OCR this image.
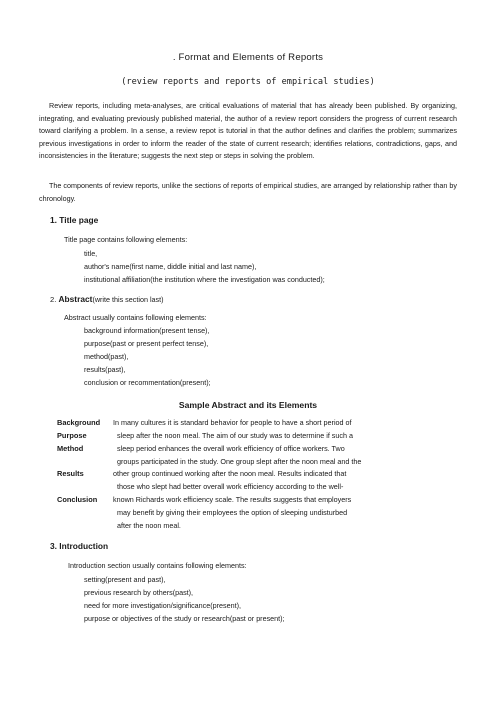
. Format and Elements of Reports
(review reports and reports of empirical studies)

Review reports, including meta-analyses, are critical evaluations of material that has already been published. By organizing, integrating, and evaluating previously published material, the author of a review report considers the progress of current research toward clarifying a problem. In a sense, a review repot is tutorial in that the author defines and clarifies the problem; summarizes previous investigations in order to inform the reader of the state of current research; identifies relations, contradictions, gaps, and inconsistencies in the literature; suggests the next step or steps in solving the problem.

The components of review reports, unlike the sections of reports of empirical studies, are arranged by relationship rather than by chronology.

1. Title page
Title page contains following elements:
title,
author's name(first name, diddle initial and last name),
institutional affiliation(the institution where the investigation was conducted);
2. Abstract(write this section last)
Abstract usually contains following elements:
background information(present tense),
purpose(past or present perfect tense),
method(past),
results(past),
conclusion or recommentation(present);
Sample Abstract and its Elements
Background
Purpose
Method
Results
Conclusion
In many cultures it is standard behavior for people to have a short period of
sleep after the noon meal. The aim of our study was to determine if such a
sleep period enhances the overall work efficiency of office workers. Two
groups participated in the study. One group slept after the noon meal and the
other group continued working after the noon meal. Results indicated that
those who slept had better overall work efficiency according to the well-
known Richards work efficiency scale. The results suggests that employers
may benefit by giving their employees the option of sleeping undisturbed
after the noon meal.
3. Introduction
Introduction section usually contains following elements:
setting(present and past),
previous research by others(past),
need for more investigation/significance(present),
purpose or objectives of the study or research(past or present);
